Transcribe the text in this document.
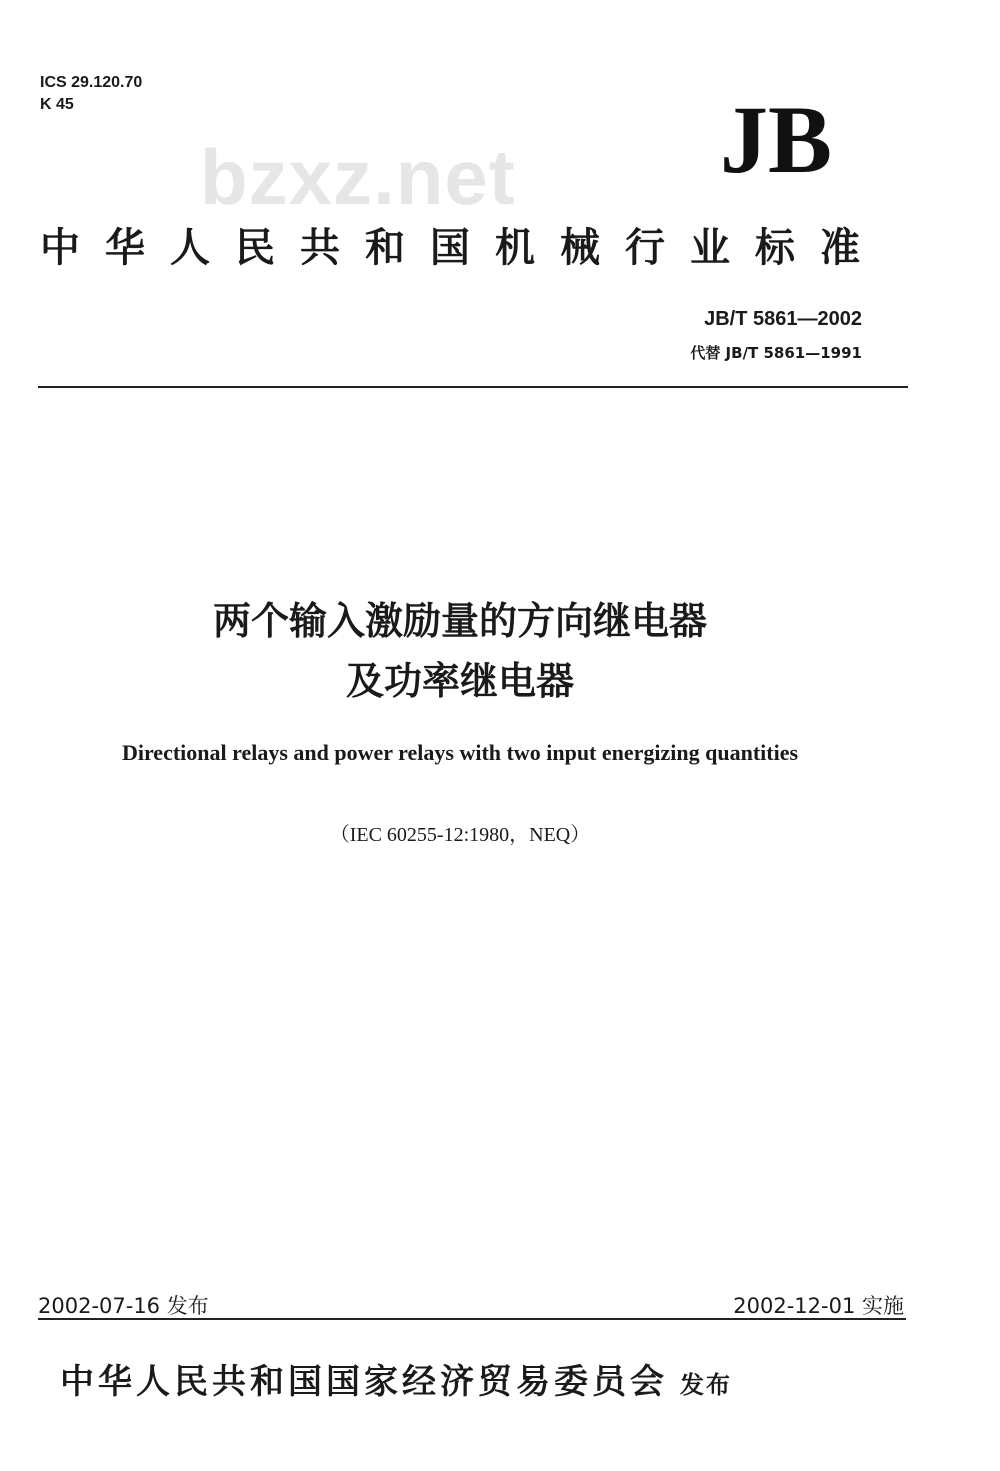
ICS 29.120.70
K 45
bzxz.net JB
中华人民共和国机械行业标准
JB/T 5861—2002
代替 JB/T 5861—1991
两个输入激励量的方向继电器
及功率继电器
Directional relays and power relays with two input energizing quantities
（IEC 60255-12:1980，NEQ）
2002-07-16 发布	2002-12-01 实施
中华人民共和国国家经济贸易委员会 发布
